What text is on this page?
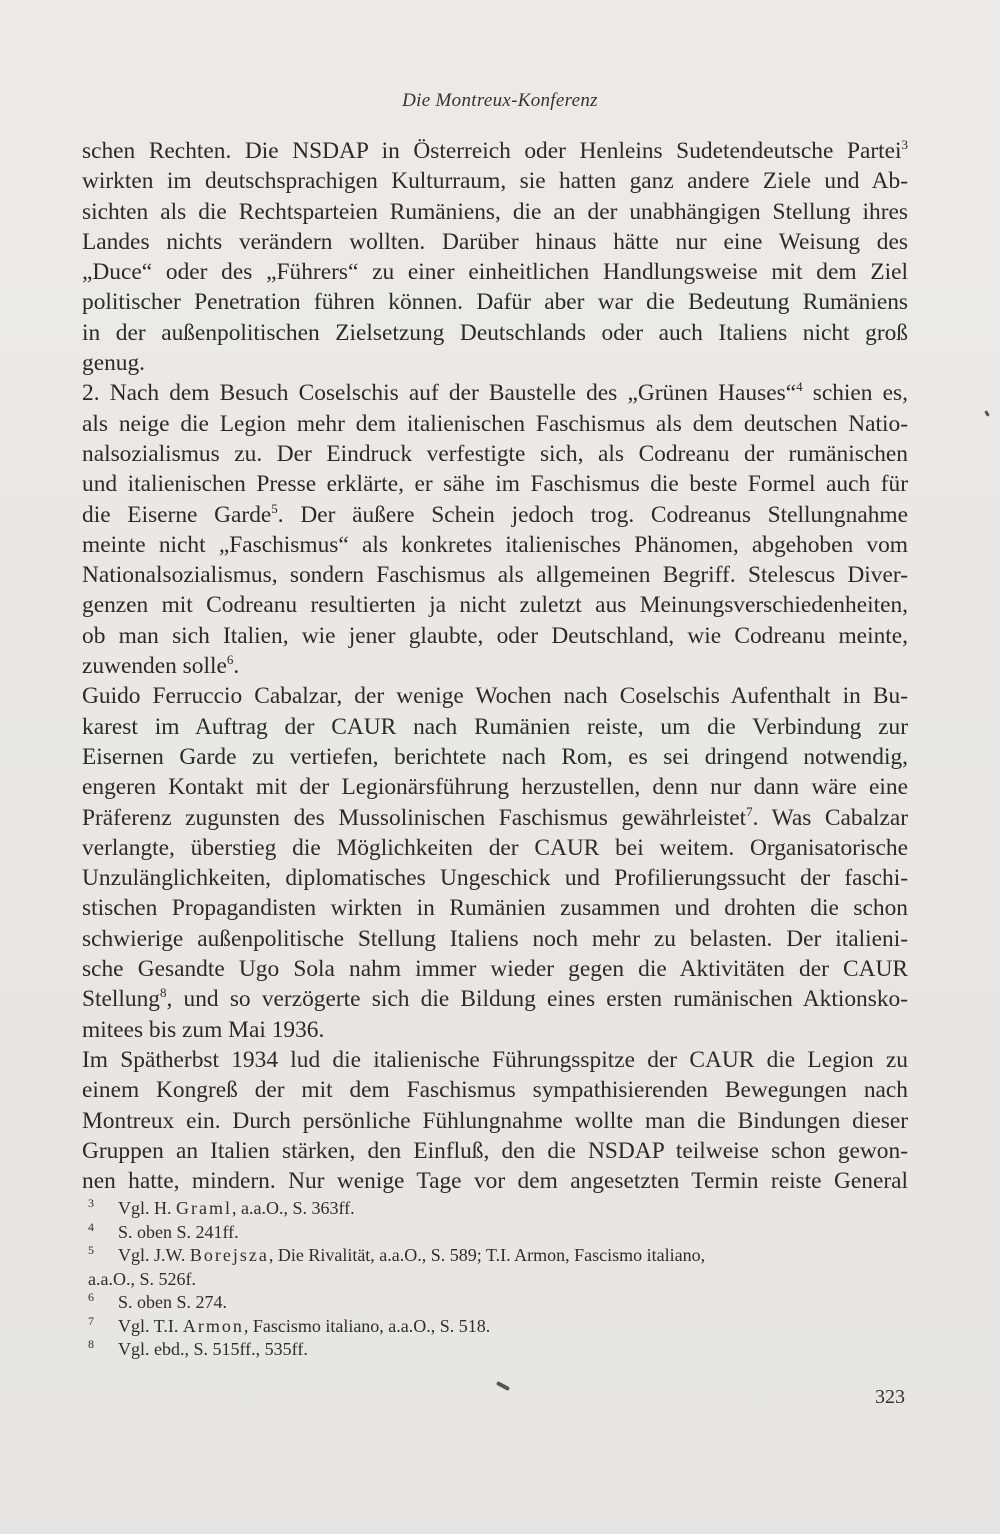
Die Montreux-Konferenz
schen Rechten. Die NSDAP in Österreich oder Henleins Sudetendeutsche Partei$^3$
wirkten im deutschsprachigen Kulturraum, sie hatten ganz andere Ziele und Ab-
sichten als die Rechtsparteien Rumäniens, die an der unabhängigen Stellung ihres
Landes nichts verändern wollten. Darüber hinaus hätte nur eine Weisung des
„Duce“ oder des „Führers“ zu einer einheitlichen Handlungsweise mit dem Ziel
politischer Penetration führen können. Dafür aber war die Bedeutung Rumäniens
in der außenpolitischen Zielsetzung Deutschlands oder auch Italiens nicht groß
genug.
2. Nach dem Besuch Coselschis auf der Baustelle des „Grünen Hauses“$^4$ schien es,
als neige die Legion mehr dem italienischen Faschismus als dem deutschen Natio-
nalsozialismus zu. Der Eindruck verfestigte sich, als Codreanu der rumänischen
und italienischen Presse erklärte, er sähe im Faschismus die beste Formel auch für
die Eiserne Garde$^5$. Der äußere Schein jedoch trog. Codreanus Stellungnahme
meinte nicht „Faschismus“ als konkretes italienisches Phänomen, abgehoben vom
Nationalsozialismus, sondern Faschismus als allgemeinen Begriff. Stelescus Diver-
genzen mit Codreanu resultierten ja nicht zuletzt aus Meinungsverschiedenheiten,
ob man sich Italien, wie jener glaubte, oder Deutschland, wie Codreanu meinte,
zuwenden solle$^6$.
Guido Ferruccio Cabalzar, der wenige Wochen nach Coselschis Aufenthalt in Bu-
karest im Auftrag der CAUR nach Rumänien reiste, um die Verbindung zur
Eisernen Garde zu vertiefen, berichtete nach Rom, es sei dringend notwendig,
engeren Kontakt mit der Legionärsführung herzustellen, denn nur dann wäre eine
Präferenz zugunsten des Mussolinischen Faschismus gewährleistet$^7$. Was Cabalzar
verlangte, überstieg die Möglichkeiten der CAUR bei weitem. Organisatorische
Unzulänglichkeiten, diplomatisches Ungeschick und Profilierungssucht der faschi-
stischen Propagandisten wirkten in Rumänien zusammen und drohten die schon
schwierige außenpolitische Stellung Italiens noch mehr zu belasten. Der italieni-
sche Gesandte Ugo Sola nahm immer wieder gegen die Aktivitäten der CAUR
Stellung$^8$, und so verzögerte sich die Bildung eines ersten rumänischen Aktionsko-
mitees bis zum Mai 1936.
Im Spätherbst 1934 lud die italienische Führungsspitze der CAUR die Legion zu
einem Kongreß der mit dem Faschismus sympathisierenden Bewegungen nach
Montreux ein. Durch persönliche Fühlungnahme wollte man die Bindungen dieser
Gruppen an Italien stärken, den Einfluß, den die NSDAP teilweise schon gewon-
nen hatte, mindern. Nur wenige Tage vor dem angesetzten Termin reiste General
3 Vgl. H. Graml, a.a.O., S. 363ff.
4 S. oben S. 241ff.
5 Vgl. J.W. Borejsza, Die Rivalität, a.a.O., S. 589; T.I. Armon, Fascismo italiano,
a.a.O., S. 526f.
6 S. oben S. 274.
7 Vgl. T.I. Armon, Fascismo italiano, a.a.O., S. 518.
8 Vgl. ebd., S. 515ff., 535ff.
323
